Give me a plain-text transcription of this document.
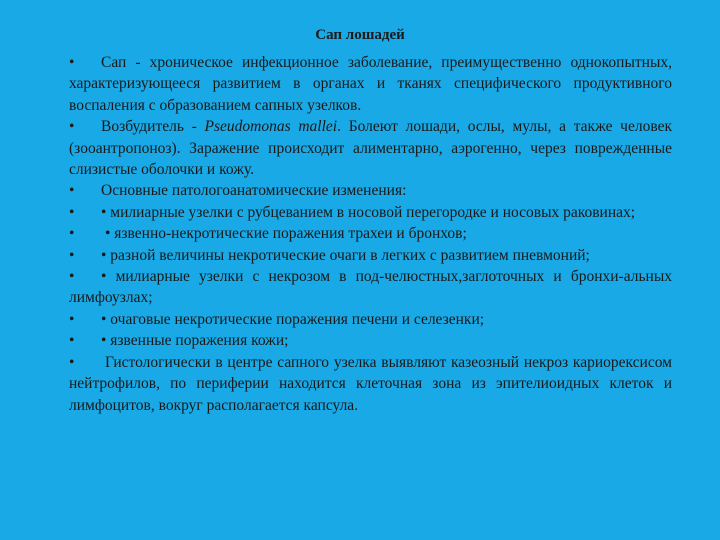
Сап лошадей

• Сап - хроническое инфекционное заболевание, преимущественно однокопытных, характеризующееся развитием в органах и тканях специфического продуктивного воспаления с образованием сапных узелков.

• Возбудитель - Pseudomonas mallei. Болеют лошади, ослы, мулы, а также человек (зооантропоноз). Заражение происходит алиментарно, аэрогенно, через поврежденные слизистые оболочки и кожу.

• Основные патологоанатомические изменения:

• • милиарные узелки с рубцеванием в носовой перегородке и носовых раковинах;

• • язвенно-некротические поражения трахеи и бронхов;

• • разной величины некротические очаги в легких с развитием пневмоний;

• • милиарные узелки с некрозом в под-челюстных,заглоточных и бронхи-альных лимфоузлах;

• • очаговые некротические поражения печени и селезенки;

• • язвенные поражения кожи;

• Гистологически в центре сапного узелка выявляют казеозный некроз кариорексисом нейтрофилов, по периферии находится клеточная зона из эпителиоидных клеток и лимфоцитов, вокруг располагается капсула.
